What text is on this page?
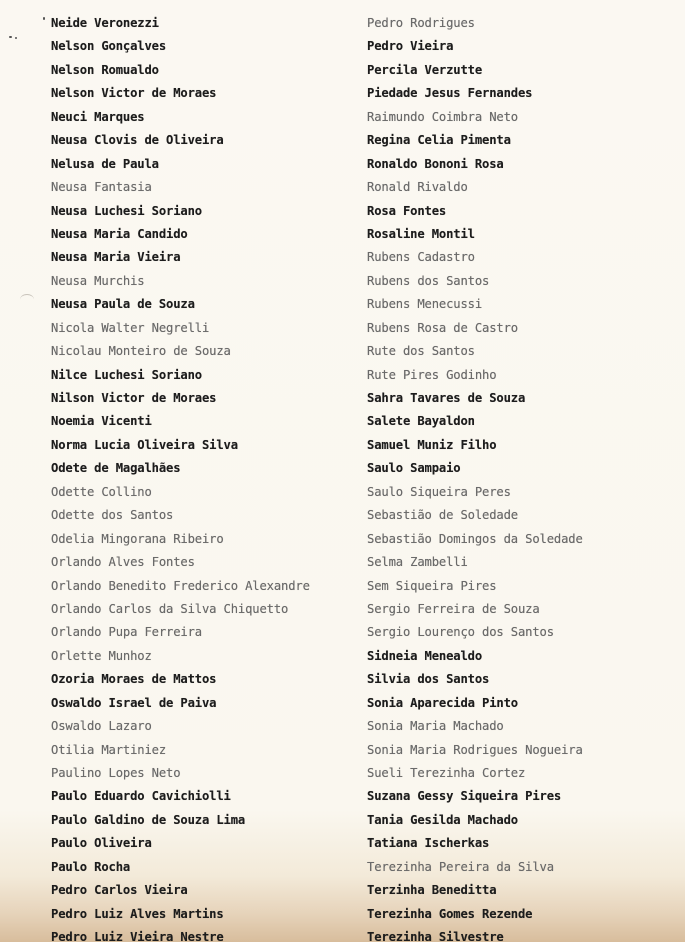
Neide Veronezzi
Nelson Gonçalves
Nelson Romualdo
Nelson Victor de Moraes
Neuci Marques
Neusa Clovis de Oliveira
Nelusa de Paula
Neusa Fantasia
Neusa Luchesi Soriano
Neusa Maria Candido
Neusa Maria Vieira
Neusa Murchis
Neusa Paula de Souza
Nicola Walter Negrelli
Nicolau Monteiro de Souza
Nilce Luchesi Soriano
Nilson Victor de Moraes
Noemia Vicenti
Norma Lucia Oliveira Silva
Odete de Magalhães
Odette Collino
Odette dos Santos
Odelia Mingorana Ribeiro
Orlando Alves Fontes
Orlando Benedito Frederico Alexandre
Orlando Carlos da Silva Chiquetto
Orlando Pupa Ferreira
Orlette Munhoz
Ozoria Moraes de Mattos
Oswaldo Israel de Paiva
Oswaldo Lazaro
Otilia Martiniez
Paulino Lopes Neto
Paulo Eduardo Cavichiolli
Paulo Galdino de Souza Lima
Paulo Oliveira
Paulo Rocha
Pedro Carlos Vieira
Pedro Luiz Alves Martins
Pedro Luiz Vieira Nestre
Pedro Rodrigues
Pedro Vieira
Percila Verzutte
Piedade Jesus Fernandes
Raimundo Coimbra Neto
Regina Celia Pimenta
Ronaldo Bononi Rosa
Ronald Rivaldo
Rosa Fontes
Rosaline Montil
Rubens Cadastro
Rubens dos Santos
Rubens Menecussi
Rubens Rosa de Castro
Rute dos Santos
Rute Pires Godinho
Sahra Tavares de Souza
Salete Bayaldon
Samuel Muniz Filho
Saulo Sampaio
Saulo Siqueira Peres
Sebastião de Soledade
Sebastião Domingos da Soledade
Selma Zambelli
Sem Siqueira Pires
Sergio Ferreira de Souza
Sergio Lourenço dos Santos
Sidneia Menealdo
Silvia dos Santos
Sonia Aparecida Pinto
Sonia Maria Machado
Sonia Maria Rodrigues Nogueira
Sueli Terezinha Cortez
Suzana Gessy Siqueira Pires
Tania Gesilda Machado
Tatiana Ischerkas
Terezinha Pereira da Silva
Terzinha Beneditta
Terezinha Gomes Rezende
Terezinha Silvestre
